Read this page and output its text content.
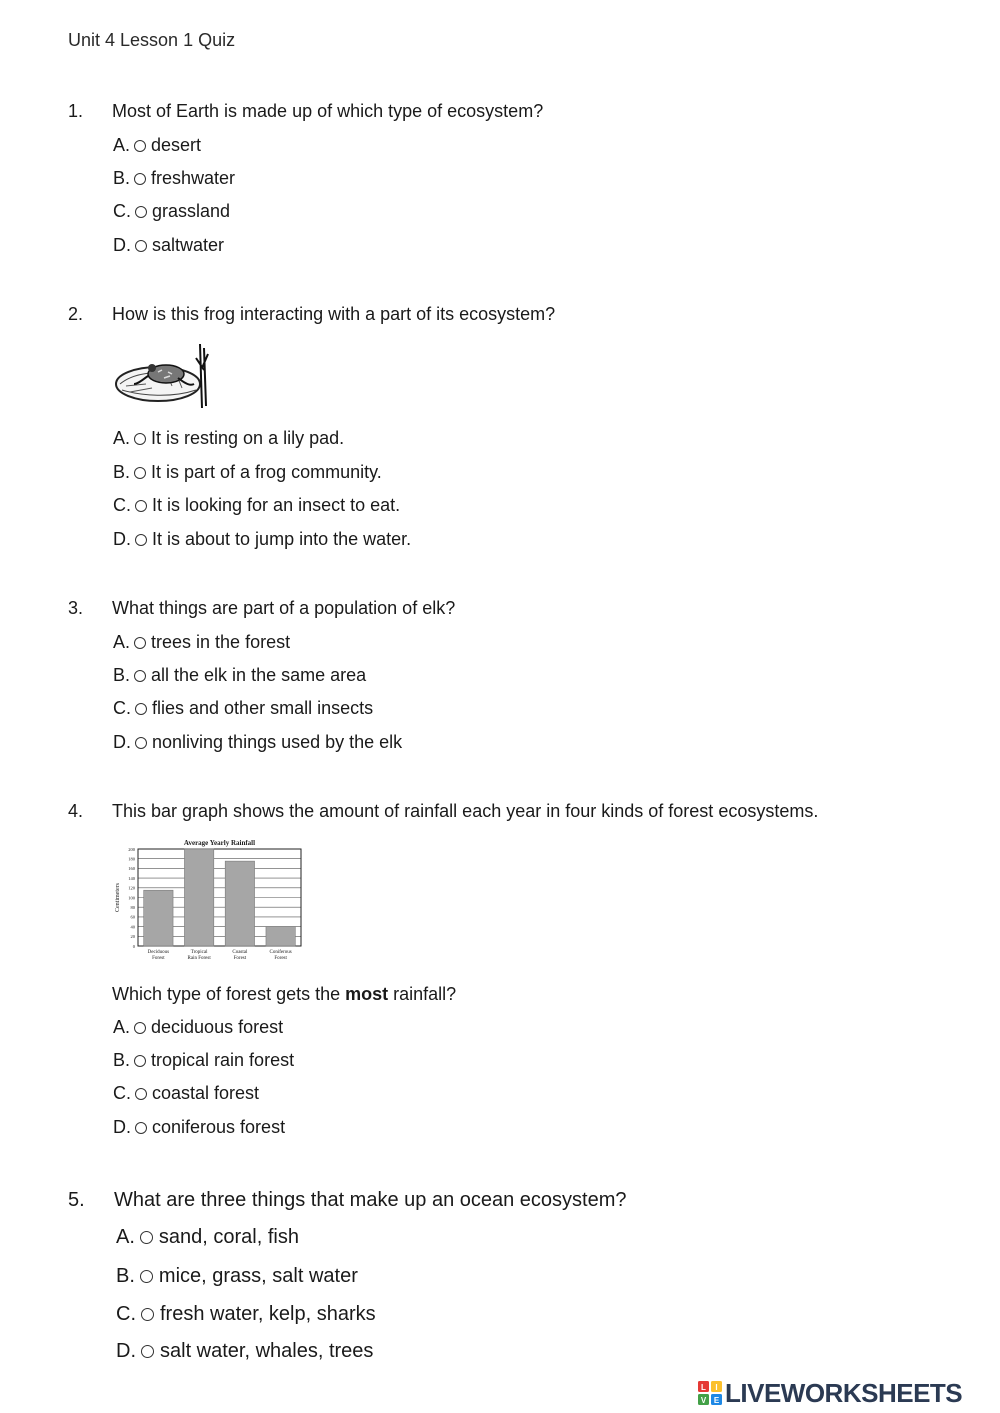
Unit 4 Lesson 1 Quiz
1. Most of Earth is made up of which type of ecosystem?
A. desert
B. freshwater
C. grassland
D. saltwater
2. How is this frog interacting with a part of its ecosystem?
A. It is resting on a lily pad.
B. It is part of a frog community.
C. It is looking for an insect to eat.
D. It is about to jump into the water.
3. What things are part of a population of elk?
A. trees in the forest
B. all the elk in the same area
C. flies and other small insects
D. nonliving things used by the elk
4. This bar graph shows the amount of rainfall each year in four kinds of forest ecosystems.
Average Yearly Rainfall
Centimeters
0
20
40
60
80
100
120
140
160
180
200
Deciduous
Forest
Tropical
Rain Forest
Coastal
Forest
Coniferous
Forest
Which type of forest gets the most rainfall?
A. deciduous forest
B. tropical rain forest
C. coastal forest
D. coniferous forest
5. What are three things that make up an ocean ecosystem?
A. sand, coral, fish
B. mice, grass, salt water
C. fresh water, kelp, sharks
D. salt water, whales, trees
L I
V E LIVEWORKSHEETS
